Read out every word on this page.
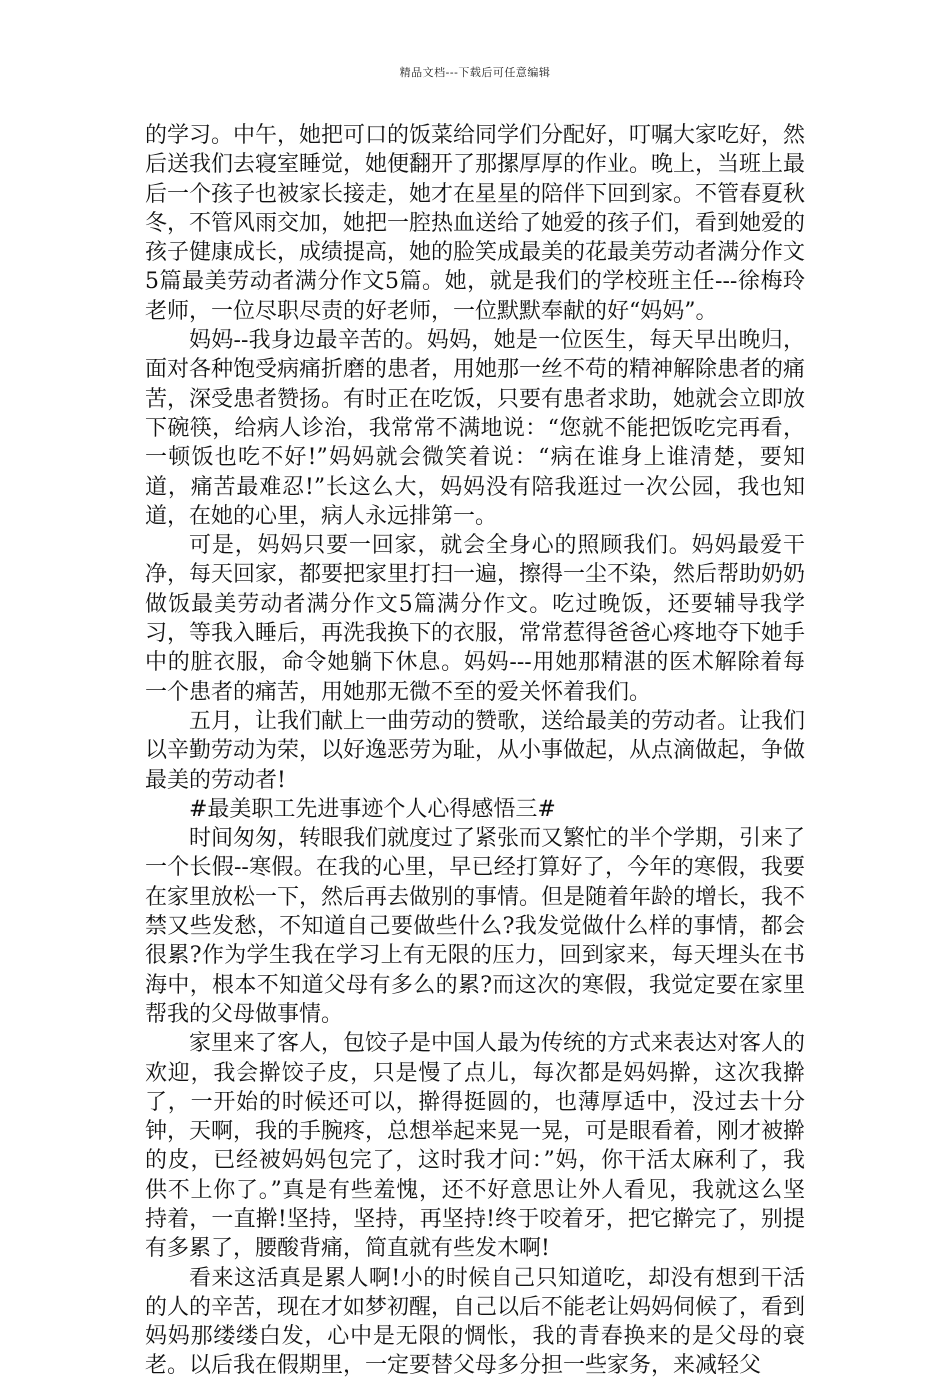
精品文档---下载后可任意编辑

的学习。中午，她把可口的饭菜给同学们分配好，叮嘱大家吃好，然后送我们去寝室睡觉，她便翻开了那摞厚厚的作业。晚上，当班上最后一个孩子也被家长接走，她才在星星的陪伴下回到家。不管春夏秋冬，不管风雨交加，她把一腔热血送给了她爱的孩子们，看到她爱的孩子健康成长，成绩提高，她的脸笑成最美的花最美劳动者满分作文5篇最美劳动者满分作文5篇。她，就是我们的学校班主任---徐梅玲老师，一位尽职尽责的好老师，一位默默奉献的好“妈妈”。

妈妈--我身边最辛苦的。妈妈，她是一位医生，每天早出晚归，面对各种饱受病痛折磨的患者，用她那一丝不苟的精神解除患者的痛苦，深受患者赞扬。有时正在吃饭，只要有患者求助，她就会立即放下碗筷，给病人诊治，我常常不满地说：“您就不能把饭吃完再看，一顿饭也吃不好!”妈妈就会微笑着说：“病在谁身上谁清楚，要知道，痛苦最难忍!”长这么大，妈妈没有陪我逛过一次公园，我也知道，在她的心里，病人永远排第一。

可是，妈妈只要一回家，就会全身心的照顾我们。妈妈最爱干净，每天回家，都要把家里打扫一遍，擦得一尘不染，然后帮助奶奶做饭最美劳动者满分作文5篇满分作文。吃过晚饭，还要辅导我学习，等我入睡后，再洗我换下的衣服，常常惹得爸爸心疼地夺下她手中的脏衣服，命令她躺下休息。妈妈---用她那精湛的医术解除着每一个患者的痛苦，用她那无微不至的爱关怀着我们。

五月，让我们献上一曲劳动的赞歌，送给最美的劳动者。让我们以辛勤劳动为荣，以好逸恶劳为耻，从小事做起，从点滴做起，争做最美的劳动者!

#最美职工先进事迹个人心得感悟三#

时间匆匆，转眼我们就度过了紧张而又繁忙的半个学期，引来了一个长假--寒假。在我的心里，早已经打算好了，今年的寒假，我要在家里放松一下，然后再去做别的事情。但是随着年龄的增长，我不禁又些发愁，不知道自己要做些什么?我发觉做什么样的事情，都会很累?作为学生我在学习上有无限的压力，回到家来，每天埋头在书海中，根本不知道父母有多么的累?而这次的寒假，我觉定要在家里帮我的父母做事情。

家里来了客人，包饺子是中国人最为传统的方式来表达对客人的欢迎，我会擀饺子皮，只是慢了点儿，每次都是妈妈擀，这次我擀了，一开始的时候还可以，擀得挺圆的，也薄厚适中，没过去十分钟，天啊，我的手腕疼，总想举起来晃一晃，可是眼看着，刚才被擀的皮，已经被妈妈包完了，这时我才问：”妈，你干活太麻利了，我供不上你了。”真是有些羞愧，还不好意思让外人看见，我就这么坚持着，一直擀!坚持，坚持，再坚持!终于咬着牙，把它擀完了，别提有多累了，腰酸背痛，简直就有些发木啊!

看来这活真是累人啊!小的时候自己只知道吃，却没有想到干活的人的辛苦，现在才如梦初醒，自己以后不能老让妈妈伺候了，看到妈妈那缕缕白发，心中是无限的惆怅，我的青春换来的是父母的衰老。以后我在假期里，一定要替父母多分担一些家务，来减轻父
